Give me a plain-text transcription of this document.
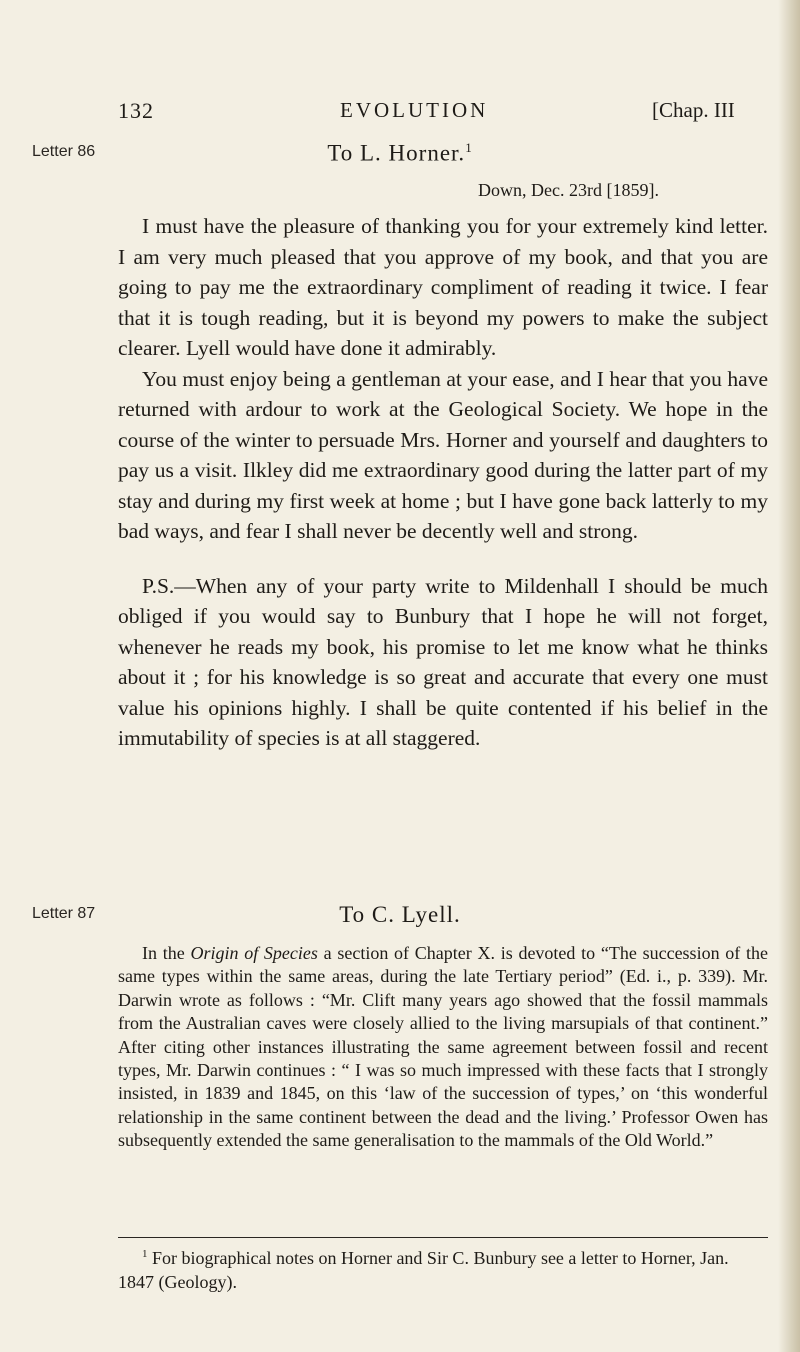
132	EVOLUTION	[Chap. III
Letter 86	To L. Horner.$^1$
Down, Dec. 23rd [1859].

I must have the pleasure of thanking you for your extremely kind letter. I am very much pleased that you approve of my book, and that you are going to pay me the extraordinary compliment of reading it twice. I fear that it is tough reading, but it is beyond my powers to make the subject clearer. Lyell would have done it admirably.

You must enjoy being a gentleman at your ease, and I hear that you have returned with ardour to work at the Geological Society. We hope in the course of the winter to persuade Mrs. Horner and yourself and daughters to pay us a visit. Ilkley did me extraordinary good during the latter part of my stay and during my first week at home ; but I have gone back latterly to my bad ways, and fear I shall never be decently well and strong.

P.S.—When any of your party write to Mildenhall I should be much obliged if you would say to Bunbury that I hope he will not forget, whenever he reads my book, his promise to let me know what he thinks about it ; for his knowledge is so great and accurate that every one must value his opinions highly. I shall be quite contented if his belief in the immutability of species is at all staggered.

Letter 87	To C. Lyell.

In the Origin of Species a section of Chapter X. is devoted to “The succession of the same types within the same areas, during the late Tertiary period” (Ed. i., p. 339). Mr. Darwin wrote as follows : “Mr. Clift many years ago showed that the fossil mammals from the Australian caves were closely allied to the living marsupials of that continent.” After citing other instances illustrating the same agreement between fossil and recent types, Mr. Darwin continues : “ I was so much impressed with these facts that I strongly insisted, in 1839 and 1845, on this ‘law of the succession of types,’ on ‘this wonderful relationship in the same continent between the dead and the living.’ Professor Owen has subsequently extended the same generalisation to the mammals of the Old World.”

$^1$ For biographical notes on Horner and Sir C. Bunbury see a letter to Horner, Jan. 1847 (Geology).
